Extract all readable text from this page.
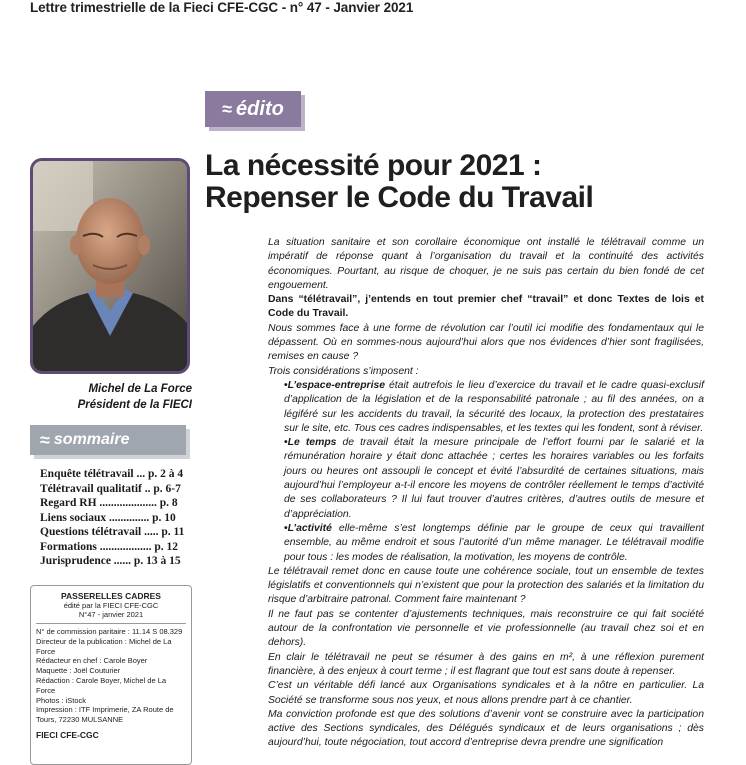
Lettre trimestrielle de la Fieci CFE-CGC - n° 47 - Janvier 2021
≈ édito
La nécessité pour 2021 :
Repenser le Code du Travail
Michel de La Force
Président de la FIECI
≈ sommaire
Enquête télétravail ... p. 2 à 4
Télétravail qualitatif .. p. 6-7
Regard RH .................... p. 8
Liens sociaux .............. p. 10
Questions télétravail ..... p. 11
Formations .................. p. 12
Jurisprudence ...... p. 13 à 15
PASSERELLES CADRES
édité par la FIECI CFE-CGC
N°47 - janvier 2021
N° de commission paritaire : 11.14 S 08.329
Directeur de la publication : Michel de La Force
Rédacteur en chef : Carole Boyer
Maquette : Joël Couturier
Rédaction : Carole Boyer, Michel de La Force
Photos : iStock
Impression : ITF Imprimerie, ZA Route de Tours, 72230 MULSANNE
FIECI CFE-CGC

La situation sanitaire et son corollaire économique ont installé le télétravail comme un impératif de réponse quant à l’organisation du travail et la continuité des activités économiques. Pourtant, au risque de choquer, je ne suis pas certain du bien fondé de cet engouement.

Dans “télétravail”, j’entends en tout premier chef “travail” et donc Textes de lois et Code du Travail.

Nous sommes face à une forme de révolution car l’outil ici modifie des fondamentaux qui le dépassent. Où en sommes-nous aujourd’hui alors que nos évidences d’hier sont fragilisées, remises en cause ?

Trois considérations s’imposent :

• L’espace-entreprise était autrefois le lieu d’exercice du travail et le cadre quasi-exclusif d’application de la législation et de la responsabilité patronale ; au fil des années, on a légiféré sur les accidents du travail, la sécurité des locaux, la protection des prestataires sur le site, etc. Tous ces cadres indispensables, et les textes qui les fondent, sont à réviser.

• Le temps de travail était la mesure principale de l’effort fourni par le salarié et la rémunération horaire y était donc attachée ; certes les horaires variables ou les forfaits jours ou heures ont assoupli le concept et évité l’absurdité de certaines situations, mais aujourd’hui l’employeur a-t-il encore les moyens de contrôler réellement le temps d’activité de ses collaborateurs ? Il lui faut trouver d’autres critères, d’autres outils de mesure et d’appréciation.

• L’activité elle-même s’est longtemps définie par le groupe de ceux qui travaillent ensemble, au même endroit et sous l’autorité d’un même manager. Le télétravail modifie pour tous : les modes de réalisation, la motivation, les moyens de contrôle.

Le télétravail remet donc en cause toute une cohérence sociale, tout un ensemble de textes législatifs et conventionnels qui n’existent que pour la protection des salariés et la limitation du risque d’arbitraire patronal. Comment faire maintenant ?

Il ne faut pas se contenter d’ajustements techniques, mais reconstruire ce qui fait société autour de la confrontation vie personnelle et vie professionnelle (au travail chez soi et en dehors).

En clair le télétravail ne peut se résumer à des gains en m², à une réflexion purement financière, à des enjeux à court terme ; il est flagrant que tout est sans doute à repenser.

C’est un véritable défi lancé aux Organisations syndicales et à la nôtre en particulier. La Société se transforme sous nos yeux, et nous allons prendre part à ce chantier.

Ma conviction profonde est que des solutions d’avenir vont se construire avec la participation active des Sections syndicales, des Délégués syndicaux et de leurs organisations ; dès aujourd’hui, toute négociation, tout accord d’entreprise devra prendre une signification
